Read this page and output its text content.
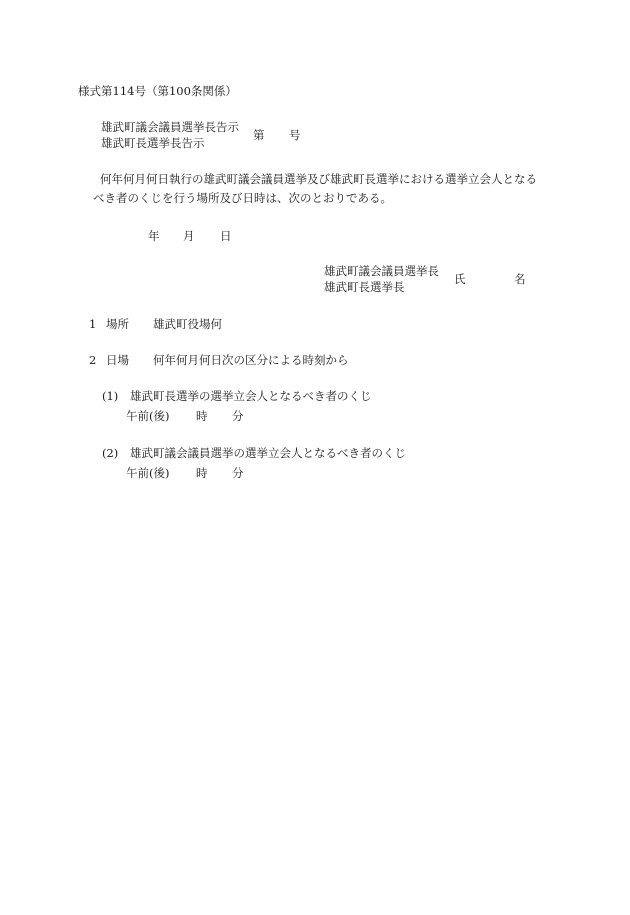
様式第114号（第100条関係）
雄武町議会議員選挙長告示
雄武町長選挙長告示
第 号
何年何月何日執行の雄武町議会議員選挙及び雄武町長選挙における選挙立会人となる
べき者のくじを行う場所及び日時は、次のとおりである。
年 月 日
雄武町議会議員選挙長
雄武町長選挙長
氏	名
1 場所 雄武町役場何
2 日場 何年何月何日次の区分による時刻から
(1) 雄武町長選挙の選挙立会人となるべき者のくじ
午前(後) 時 分
(2) 雄武町議会議員選挙の選挙立会人となるべき者のくじ
午前(後) 時 分
